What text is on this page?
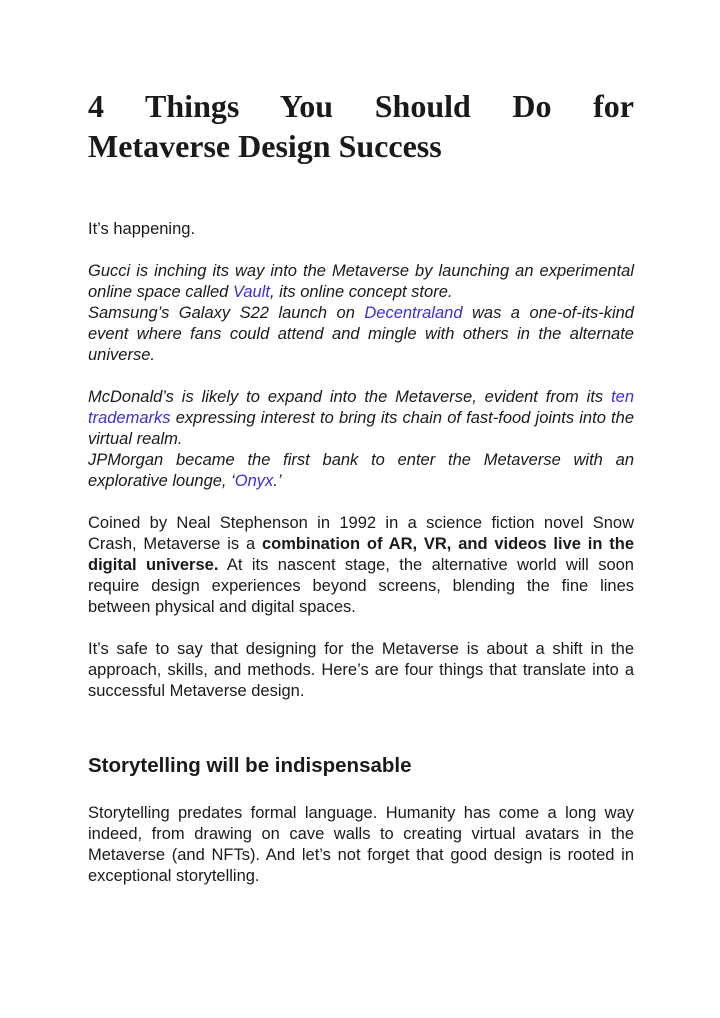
4 Things You Should Do for
Metaverse Design Success

It’s happening.

Gucci is inching its way into the Metaverse by launching an experimental online space called Vault, its online concept store.

Samsung’s Galaxy S22 launch on Decentraland was a one-of-its-kind event where fans could attend and mingle with others in the alternate universe.

McDonald’s is likely to expand into the Metaverse, evident from its ten trademarks expressing interest to bring its chain of fast-food joints into the virtual realm.

JPMorgan became the first bank to enter the Metaverse with an explorative lounge, ‘Onyx.’

Coined by Neal Stephenson in 1992 in a science fiction novel Snow Crash, Metaverse is a combination of AR, VR, and videos live in the digital universe. At its nascent stage, the alternative world will soon require design experiences beyond screens, blending the fine lines between physical and digital spaces.

It’s safe to say that designing for the Metaverse is about a shift in the approach, skills, and methods. Here’s are four things that translate into a successful Metaverse design.

Storytelling will be indispensable

Storytelling predates formal language. Humanity has come a long way indeed, from drawing on cave walls to creating virtual avatars in the Metaverse (and NFTs). And let’s not forget that good design is rooted in exceptional storytelling.
